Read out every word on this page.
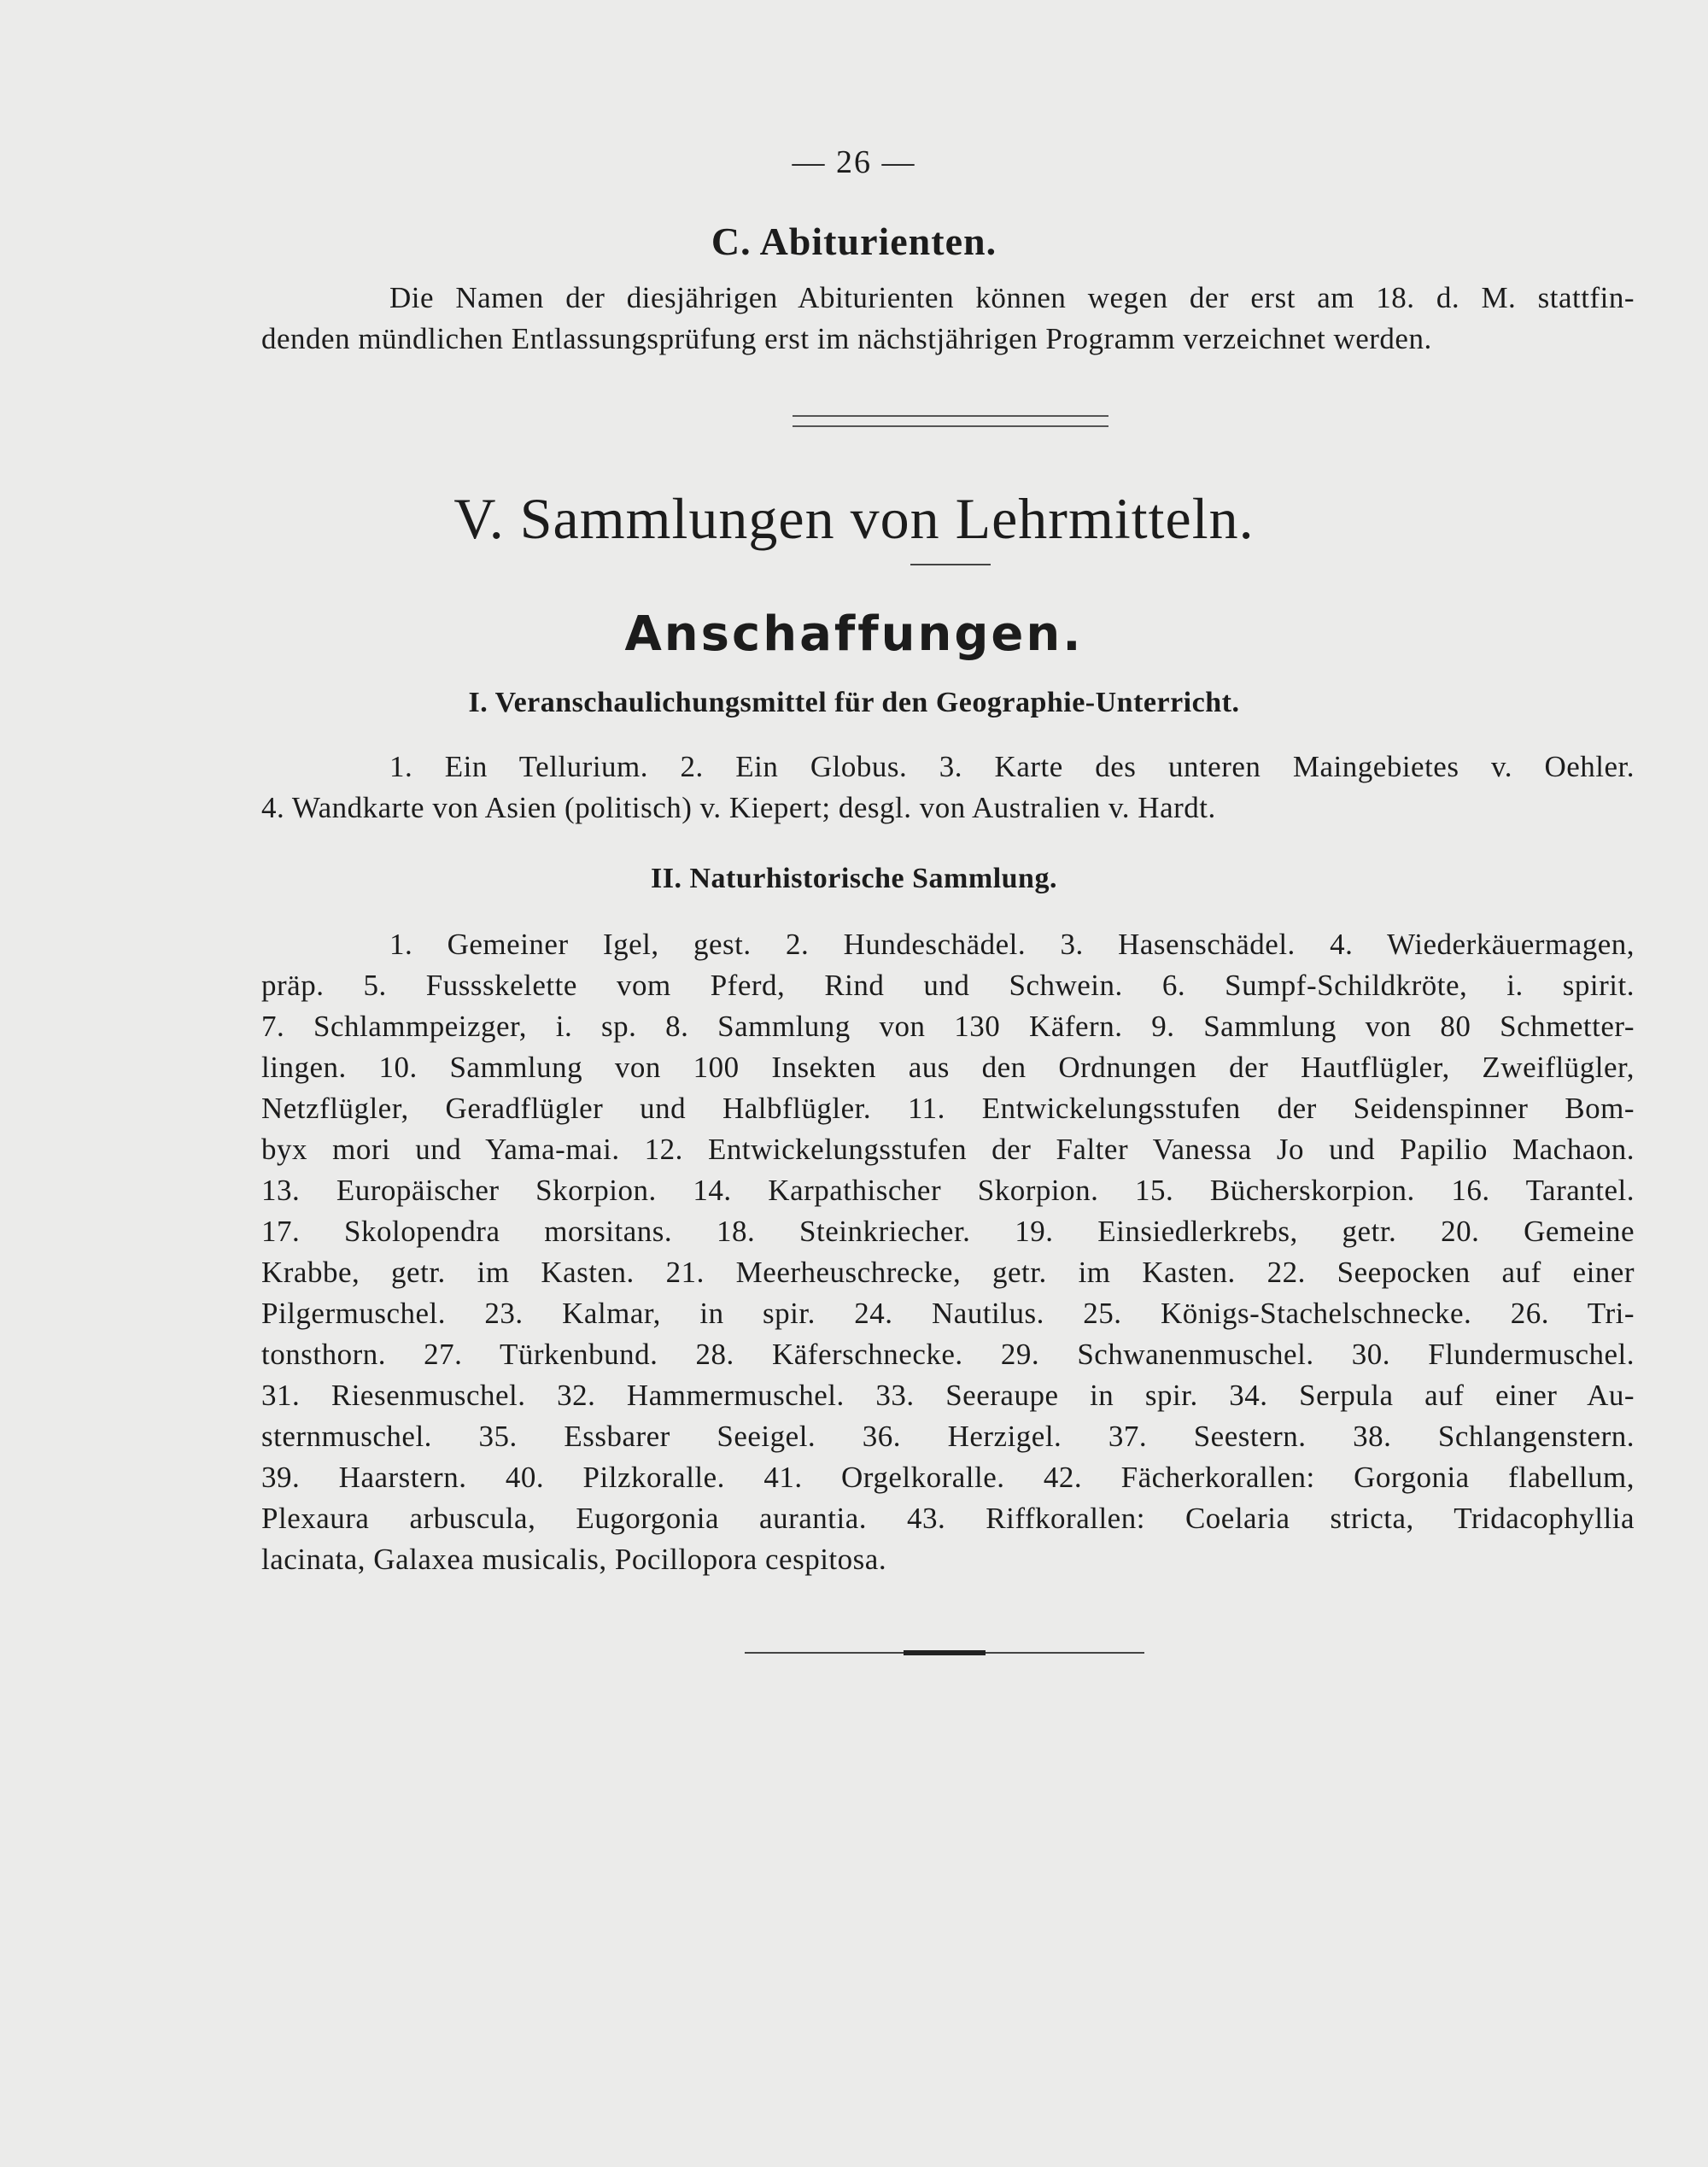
— 26 —
C. Abiturienten.
Die Namen der diesjährigen Abiturienten können wegen der erst am 18. d. M. stattfin-
denden mündlichen Entlassungsprüfung erst im nächstjährigen Programm verzeichnet werden.
V. Sammlungen von Lehrmitteln.
Anschaffungen.
I. Veranschaulichungsmittel für den Geographie-Unterricht.
1. Ein Tellurium. 2. Ein Globus. 3. Karte des unteren Maingebietes v. Oehler.
4. Wandkarte von Asien (politisch) v. Kiepert; desgl. von Australien v. Hardt.
II. Naturhistorische Sammlung.
1. Gemeiner Igel, gest. 2. Hundeschädel. 3. Hasenschädel. 4. Wiederkäuermagen,
präp. 5. Fussskelette vom Pferd, Rind und Schwein. 6. Sumpf-Schildkröte, i. spirit.
7. Schlammpeizger, i. sp. 8. Sammlung von 130 Käfern. 9. Sammlung von 80 Schmetter-
lingen. 10. Sammlung von 100 Insekten aus den Ordnungen der Hautflügler, Zweiflügler,
Netzflügler, Geradflügler und Halbflügler. 11. Entwickelungsstufen der Seidenspinner Bom-
byx mori und Yama-mai. 12. Entwickelungsstufen der Falter Vanessa Jo und Papilio Machaon.
13. Europäischer Skorpion. 14. Karpathischer Skorpion. 15. Bücherskorpion. 16. Tarantel.
17. Skolopendra morsitans. 18. Steinkriecher. 19. Einsiedlerkrebs, getr. 20. Gemeine
Krabbe, getr. im Kasten. 21. Meerheuschrecke, getr. im Kasten. 22. Seepocken auf einer
Pilgermuschel. 23. Kalmar, in spir. 24. Nautilus. 25. Königs-Stachelschnecke. 26. Tri-
tonsthorn. 27. Türkenbund. 28. Käferschnecke. 29. Schwanenmuschel. 30. Flundermuschel.
31. Riesenmuschel. 32. Hammermuschel. 33. Seeraupe in spir. 34. Serpula auf einer Au-
sternmuschel. 35. Essbarer Seeigel. 36. Herzigel. 37. Seestern. 38. Schlangenstern.
39. Haarstern. 40. Pilzkoralle. 41. Orgelkoralle. 42. Fächerkorallen: Gorgonia flabellum,
Plexaura arbuscula, Eugorgonia aurantia. 43. Riffkorallen: Coelaria stricta, Tridacophyllia
lacinata, Galaxea musicalis, Pocillopora cespitosa.
